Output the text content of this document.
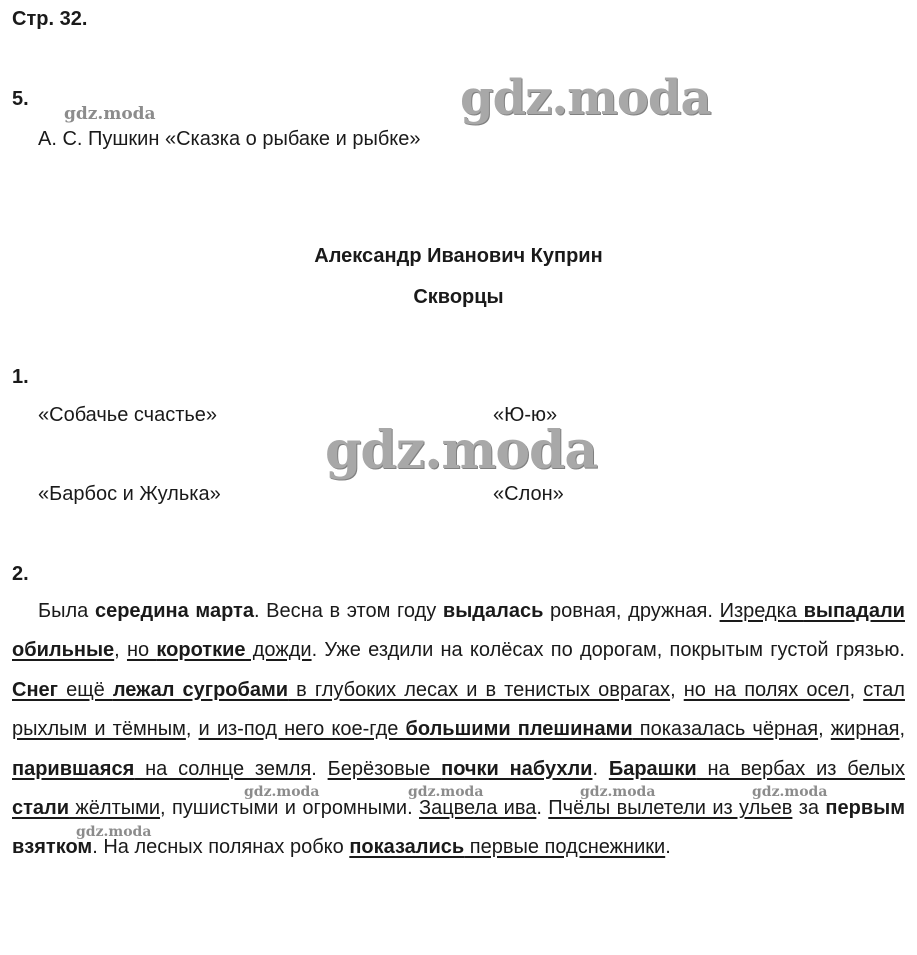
Стр. 32.
5.
А. С. Пушкин «Сказка о рыбаке и рыбке»
Александр Иванович Куприн
Скворцы
1.
«Собачье счастье»	«Ю-ю»
«Барбос и Жулька»	«Слон»
2.
Была середина марта. Весна в этом году выдалась ровная, дружная. Изредка выпадали обильные, но короткие дожди. Уже ездили на колёсах по дорогам, покрытым густой грязью. Снег ещё лежал сугробами в глубоких лесах и в тенистых оврагах, но на полях осел, стал рыхлым и тёмным, и из-под него кое-где большими плешинами показалась чёрная, жирная, парившаяся на солнце земля. Берёзовые почки набухли. Барашки на вербах из белых стали жёлтыми, пушистыми и огромными. Зацвела ива. Пчёлы вылетели из ульев за первым взятком. На лесных полянах робко показались первые подснежники.
gdz.moda
gdz.moda
gdz.moda
gdz.moda	gdz.moda	gdz.moda	gdz.moda
gdz.moda
